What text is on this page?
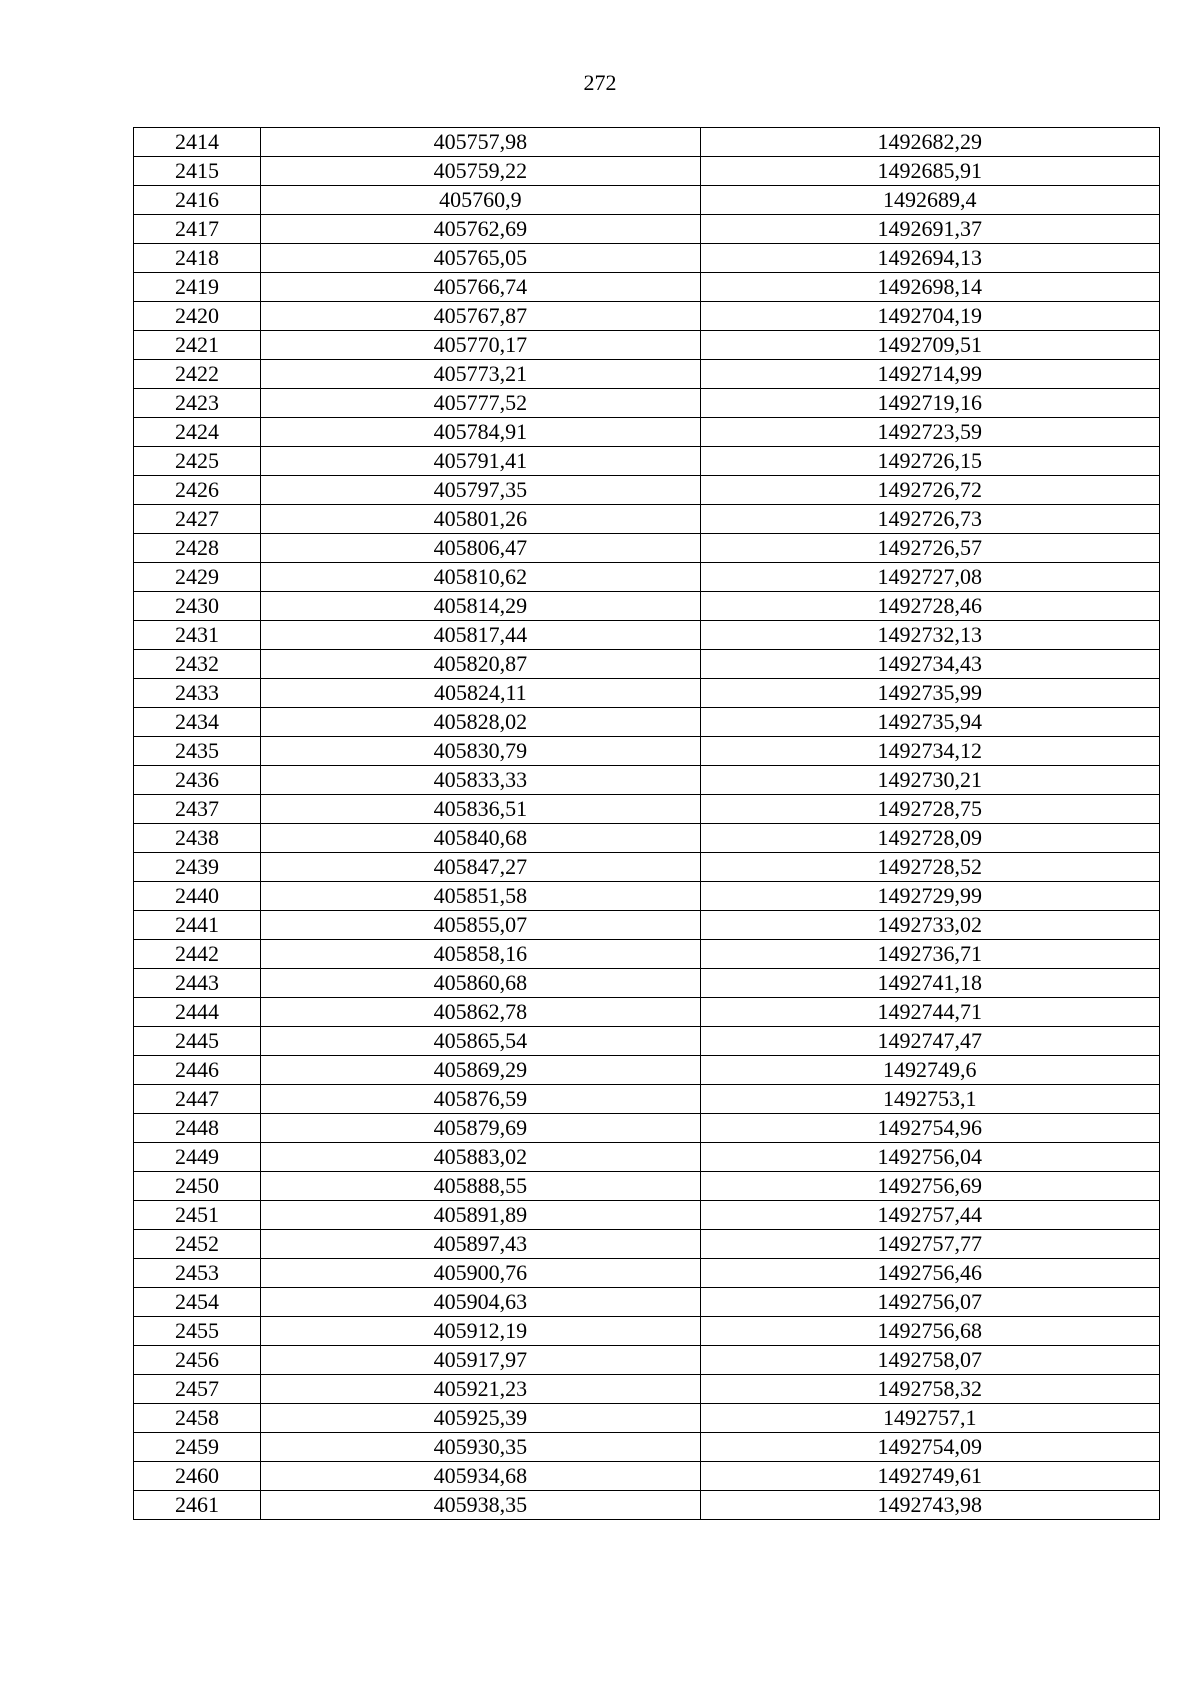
272
2414	405757,98	1492682,29
2415	405759,22	1492685,91
2416	405760,9	1492689,4
2417	405762,69	1492691,37
2418	405765,05	1492694,13
2419	405766,74	1492698,14
2420	405767,87	1492704,19
2421	405770,17	1492709,51
2422	405773,21	1492714,99
2423	405777,52	1492719,16
2424	405784,91	1492723,59
2425	405791,41	1492726,15
2426	405797,35	1492726,72
2427	405801,26	1492726,73
2428	405806,47	1492726,57
2429	405810,62	1492727,08
2430	405814,29	1492728,46
2431	405817,44	1492732,13
2432	405820,87	1492734,43
2433	405824,11	1492735,99
2434	405828,02	1492735,94
2435	405830,79	1492734,12
2436	405833,33	1492730,21
2437	405836,51	1492728,75
2438	405840,68	1492728,09
2439	405847,27	1492728,52
2440	405851,58	1492729,99
2441	405855,07	1492733,02
2442	405858,16	1492736,71
2443	405860,68	1492741,18
2444	405862,78	1492744,71
2445	405865,54	1492747,47
2446	405869,29	1492749,6
2447	405876,59	1492753,1
2448	405879,69	1492754,96
2449	405883,02	1492756,04
2450	405888,55	1492756,69
2451	405891,89	1492757,44
2452	405897,43	1492757,77
2453	405900,76	1492756,46
2454	405904,63	1492756,07
2455	405912,19	1492756,68
2456	405917,97	1492758,07
2457	405921,23	1492758,32
2458	405925,39	1492757,1
2459	405930,35	1492754,09
2460	405934,68	1492749,61
2461	405938,35	1492743,98
